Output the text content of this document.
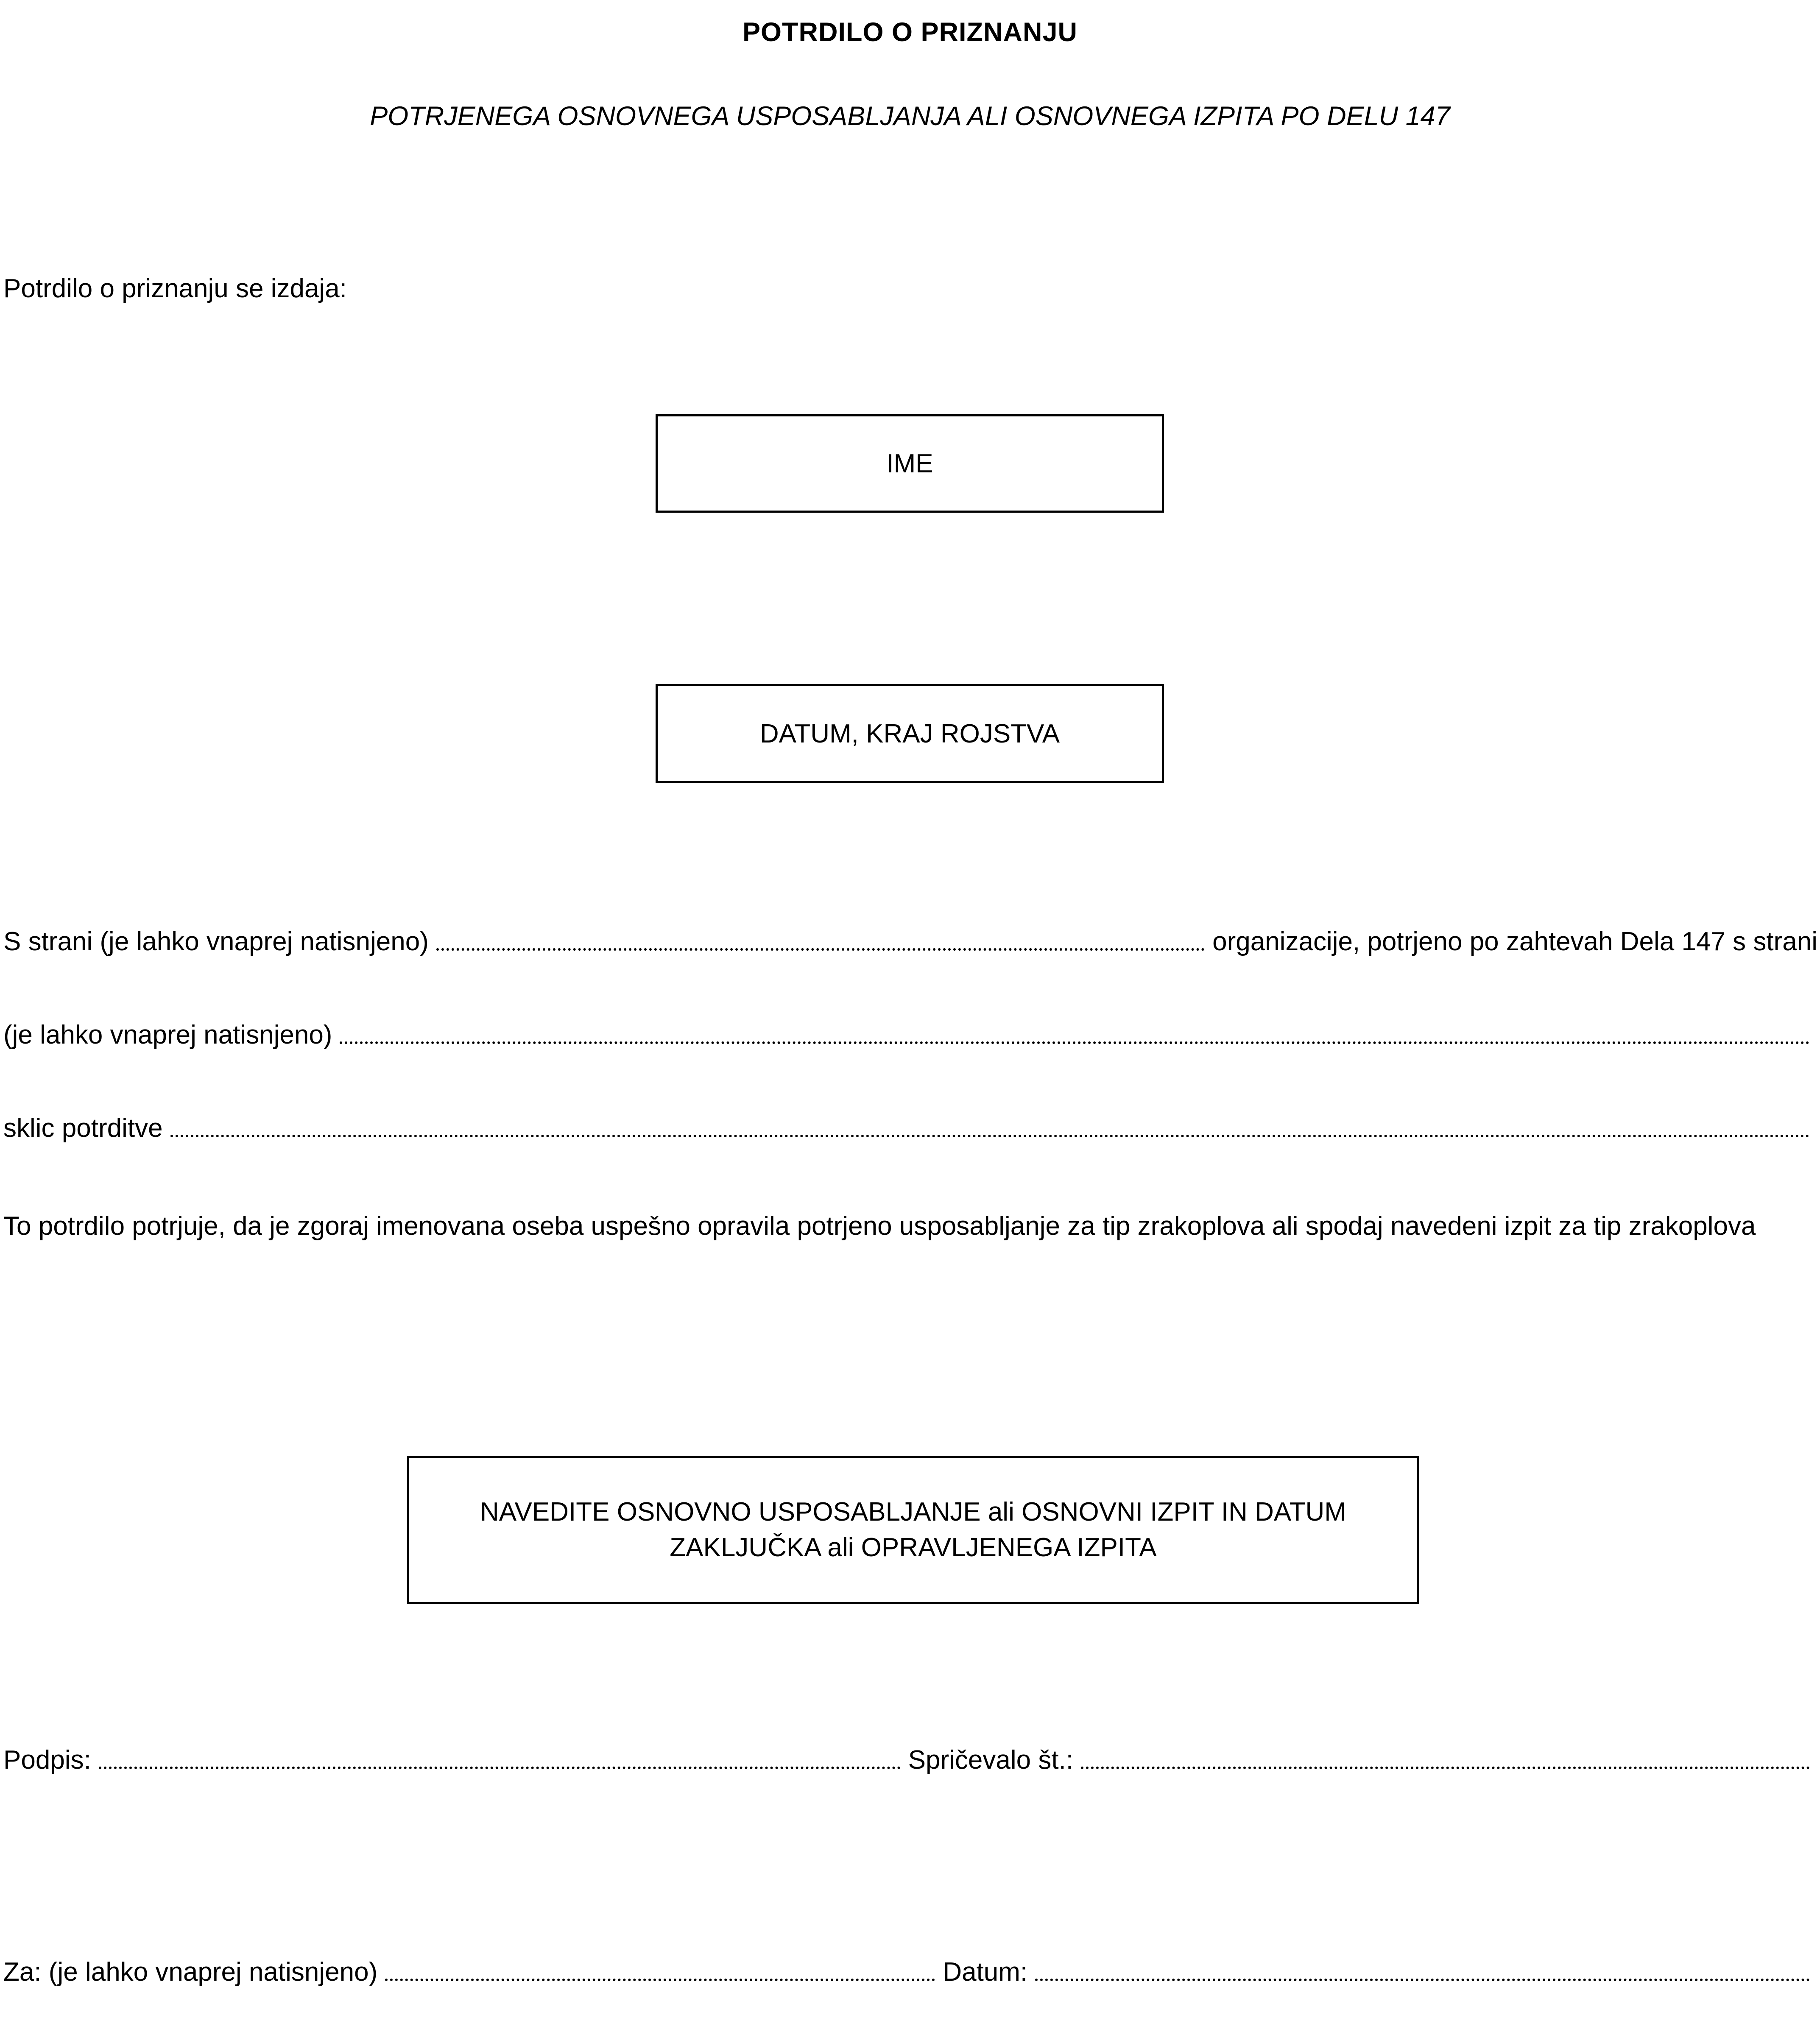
POTRDILO O PRIZNANJU
POTRJENEGA OSNOVNEGA USPOSABLJANJA ALI OSNOVNEGA IZPITA PO DELU 147
Potrdilo o priznanju se izdaja:
IME
DATUM, KRAJ ROJSTVA
S strani (je lahko vnaprej natisnjeno)	organizacije, potrjeno po zahtevah Dela 147 s strani
(je lahko vnaprej natisnjeno)
sklic potrditve
To potrdilo potrjuje, da je zgoraj imenovana oseba uspešno opravila potrjeno usposabljanje za tip zrakoplova ali spodaj navedeni izpit za tip zrakoplova
NAVEDITE OSNOVNO USPOSABLJANJE ali OSNOVNI IZPIT IN DATUM
ZAKLJUČKA ali OPRAVLJENEGA IZPITA
Podpis:	Spričevalo št.:
Za: (je lahko vnaprej natisnjeno)	Datum:
